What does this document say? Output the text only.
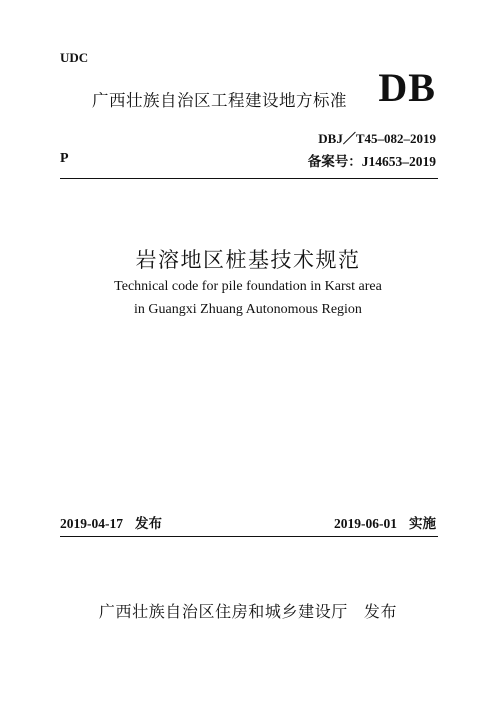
UDC
广西壮族自治区工程建设地方标准 DB
DBJ／T45–082–2019
P	备案号：J14653–2019
岩溶地区桩基技术规范
Technical code for pile foundation in Karst area
in Guangxi Zhuang Autonomous Region
2019-04-17 发布	2019-06-01 实施
广西壮族自治区住房和城乡建设厅 发布
